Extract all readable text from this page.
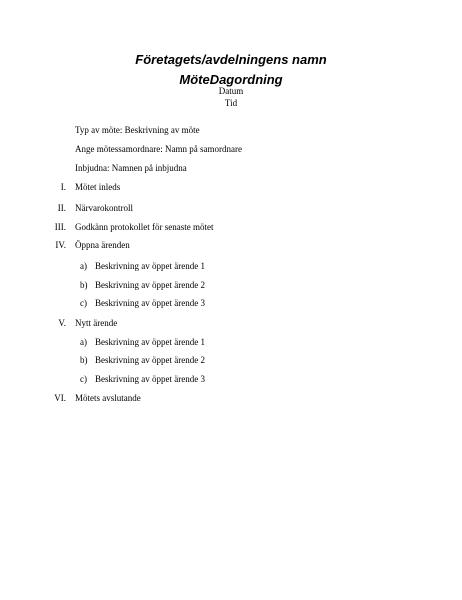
Företagets/avdelningens namn
MöteDagordning
Datum
Tid
Typ av möte: Beskrivning av möte
Ange mötessamordnare: Namn på samordnare
Inbjudna: Namnen på inbjudna
I. Mötet inleds
II. Närvarokontroll
III. Godkänn protokollet för senaste mötet
IV. Öppna ärenden
a) Beskrivning av öppet ärende 1
b) Beskrivning av öppet ärende 2
c) Beskrivning av öppet ärende 3
V. Nytt ärende
a) Beskrivning av öppet ärende 1
b) Beskrivning av öppet ärende 2
c) Beskrivning av öppet ärende 3
VI. Mötets avslutande
